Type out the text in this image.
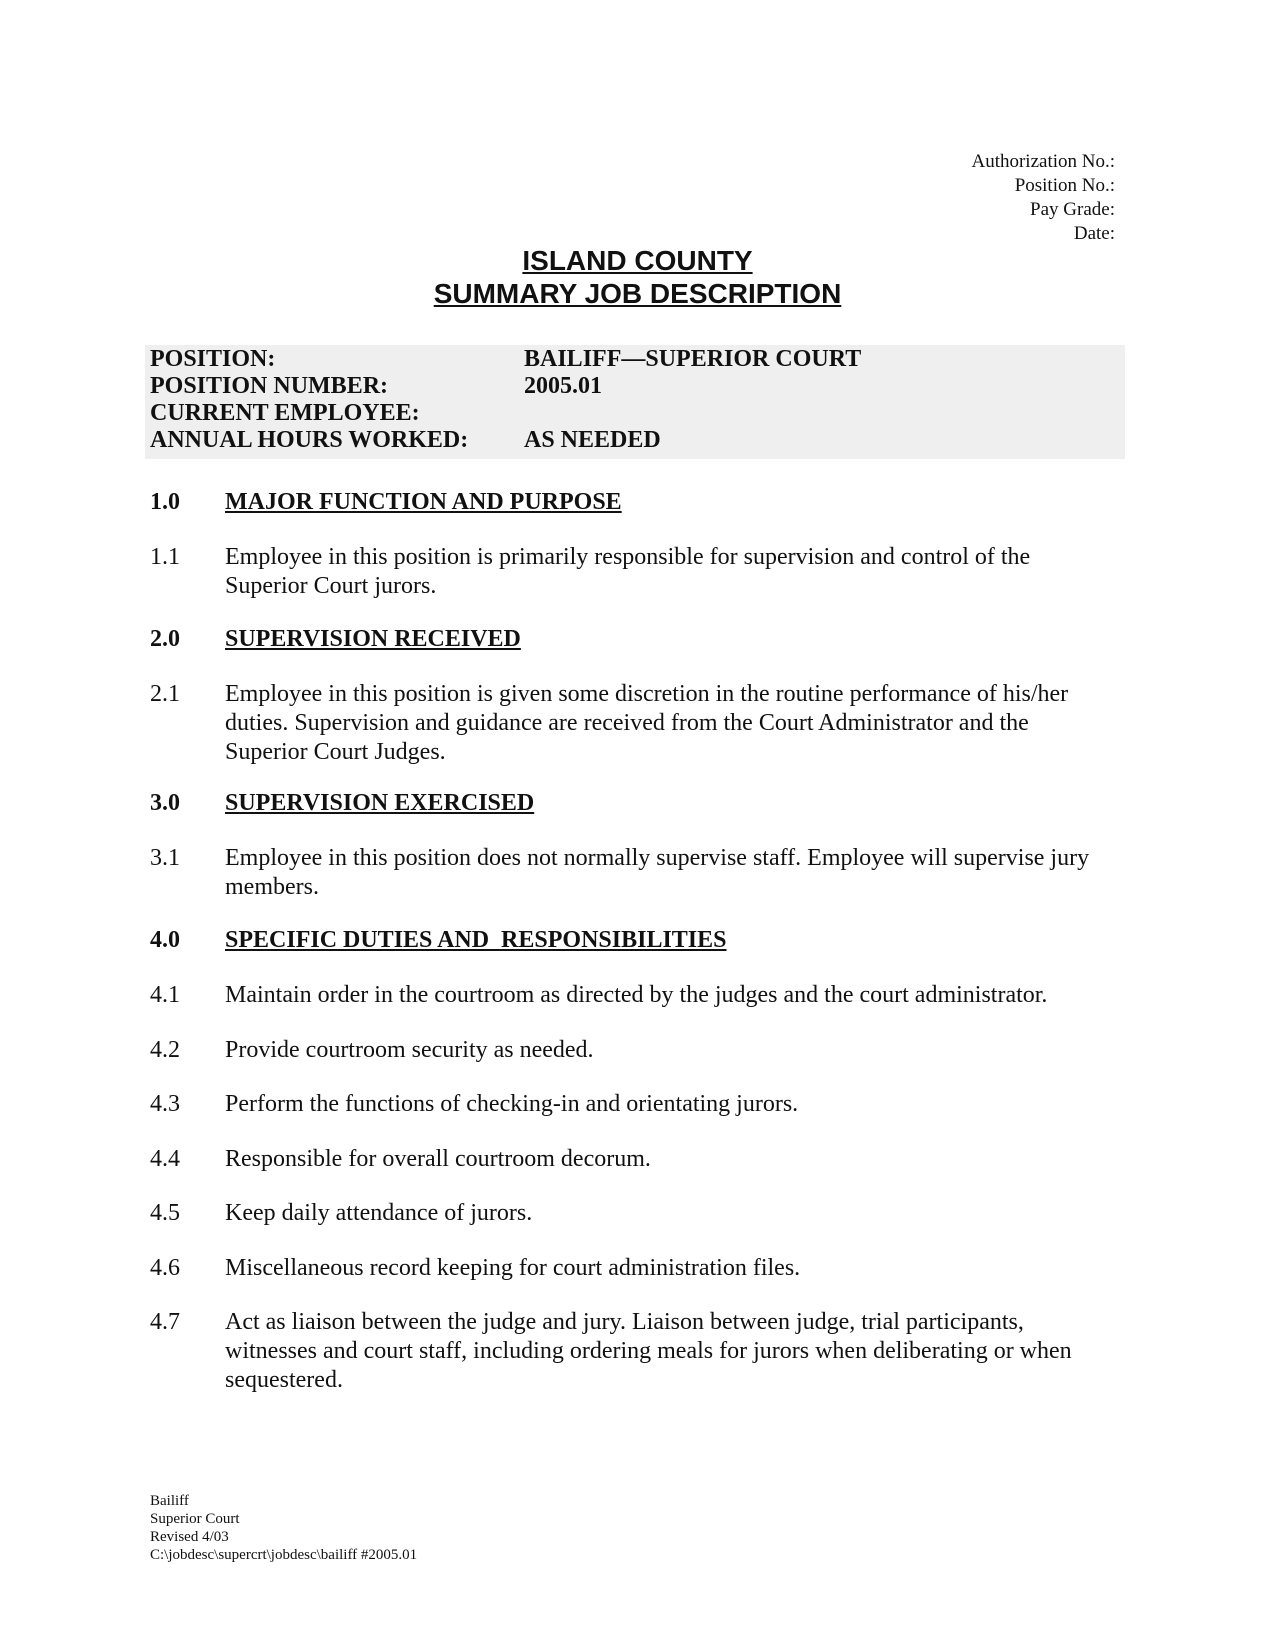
Authorization No.:
Position No.:
Pay Grade:
Date:
ISLAND COUNTY
SUMMARY JOB DESCRIPTION
POSITION:	BAILIFF—SUPERIOR COURT
POSITION NUMBER:	2005.01
CURRENT EMPLOYEE:
ANNUAL HOURS WORKED: AS NEEDED
1.0 MAJOR FUNCTION AND PURPOSE
1.1 Employee in this position is primarily responsible for supervision and control of the Superior Court jurors.
2.0 SUPERVISION RECEIVED
2.1 Employee in this position is given some discretion in the routine performance of his/her duties. Supervision and guidance are received from the Court Administrator and the Superior Court Judges.
3.0 SUPERVISION EXERCISED
3.1 Employee in this position does not normally supervise staff. Employee will supervise jury members.
4.0 SPECIFIC DUTIES AND  RESPONSIBILITIES
4.1 Maintain order in the courtroom as directed by the judges and the court administrator.
4.2 Provide courtroom security as needed.
4.3 Perform the functions of checking-in and orientating jurors.
4.4 Responsible for overall courtroom decorum.
4.5 Keep daily attendance of jurors.
4.6 Miscellaneous record keeping for court administration files.
4.7 Act as liaison between the judge and jury. Liaison between judge, trial participants, witnesses and court staff, including ordering meals for jurors when deliberating or when sequestered.
Bailiff
Superior Court
Revised 4/03
C:\jobdesc\supercrt\jobdesc\bailiff #2005.01
